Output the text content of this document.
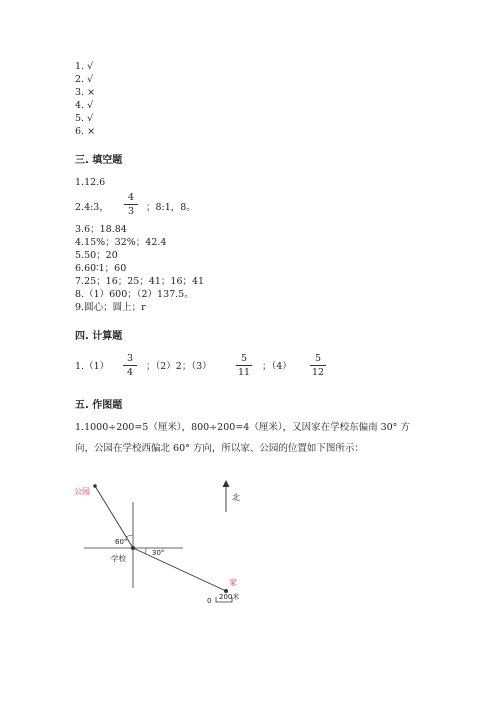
1. √
2. √
3. ×
4. √
5. √
6. ×
三. 填空题
1.12.6
2.4:3，
4
3	；8:1，8。
3.6；18.84
4.15%；32%；42.4
5.50；20
6.60∶1；60
7.25；16；25；41；16；41
8.（1）600；（2）137.5。
9.圆心；圆上；r
四. 计算题
1.（1）
3
4
；（2）2；（3）
5
11
；（4）
5
12
五. 作图题
1.1000÷200=5（厘米），800÷200=4（厘米），又因家在学校东偏南 30° 方
向，公园在学校西偏北 60° 方向，所以家、公园的位置如下图所示：
公园
家
学校
北
60°
30°
0 200米
